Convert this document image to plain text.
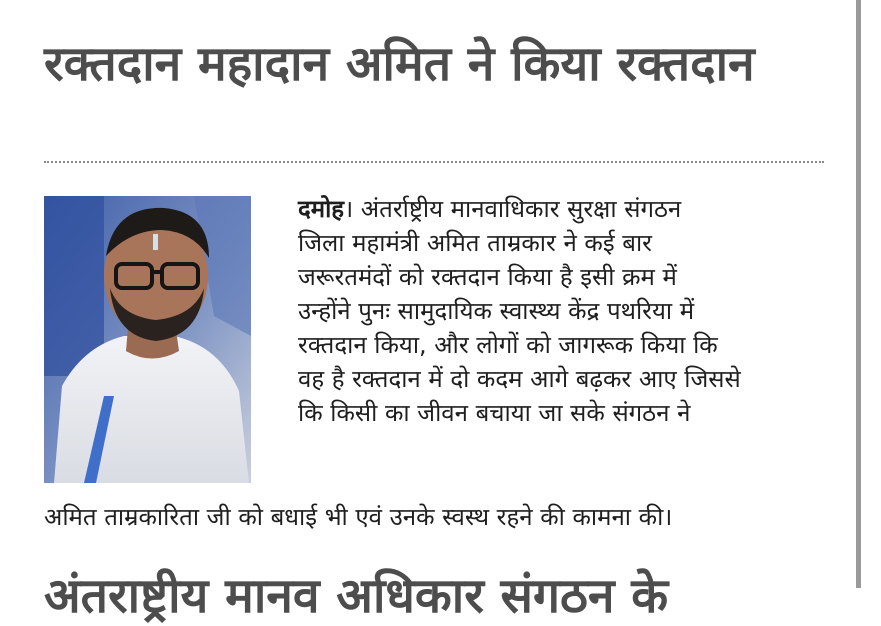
रक्तदान महादान अमित ने किया रक्तदान
दमोह। अंतर्राष्ट्रीय मानवाधिकार सुरक्षा संगठन
जिला महामंत्री अमित ताम्रकार ने कई बार
जरूरतमंदों को रक्तदान किया है इसी क्रम में
उन्होंने पुनः सामुदायिक स्वास्थ्य केंद्र पथरिया में
रक्तदान किया, और लोगों को जागरूक किया कि
वह है रक्तदान में दो कदम आगे बढ़कर आए जिससे
कि किसी का जीवन बचाया जा सके संगठन ने

अमित ताम्रकारिता जी को बधाई भी एवं उनके स्वस्थ रहने की कामना की।

अंतराष्ट्रीय मानव अधिकार संगठन के
